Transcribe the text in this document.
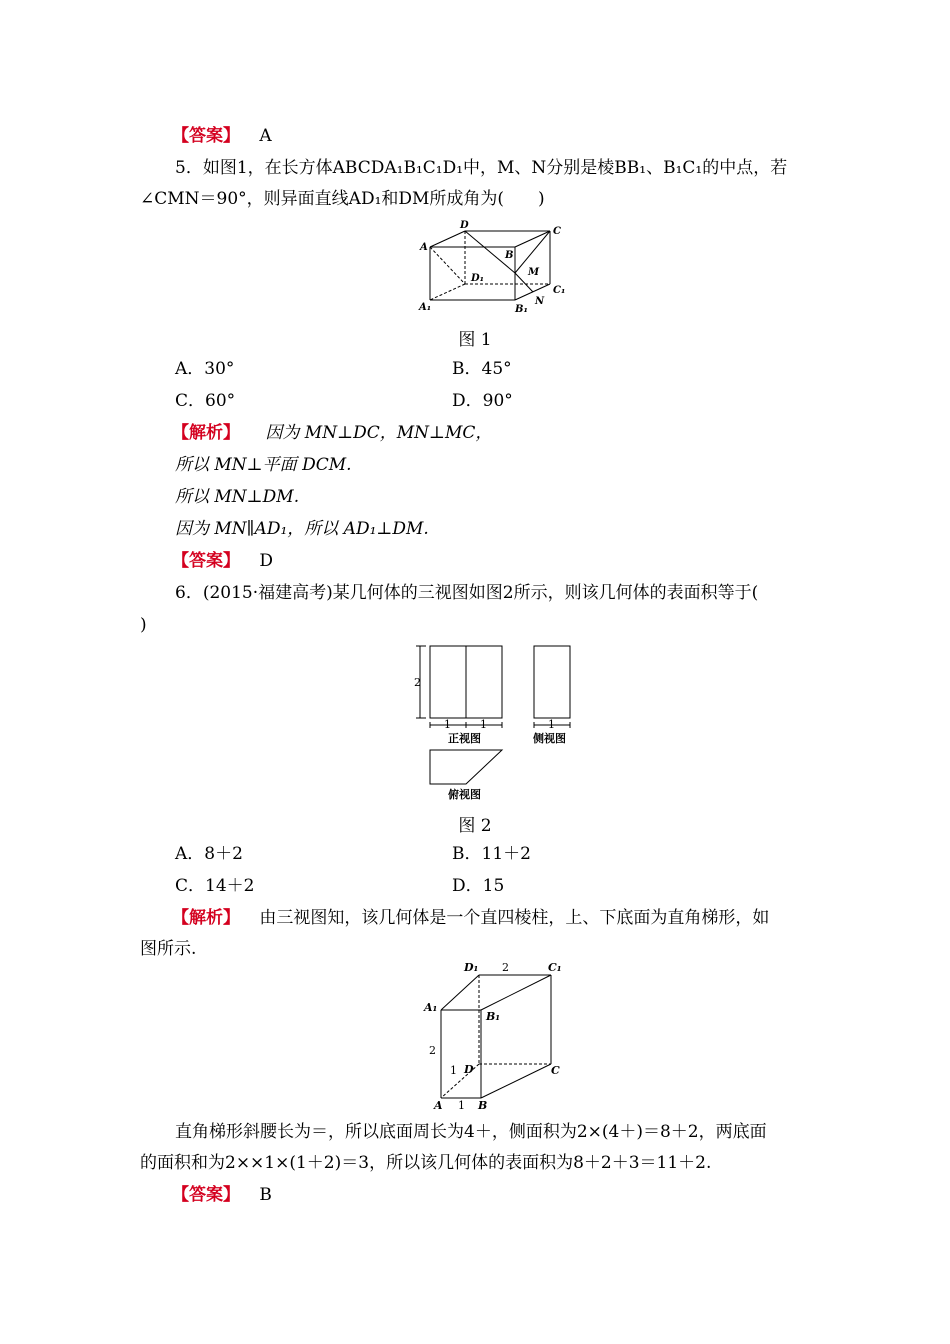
【答案】 A
5．如图1，在长方体ABCDA₁B₁C₁D₁中，M、N分别是棱BB₁、B₁C₁的中点，若
∠CMN＝90°，则异面直线AD₁和DM所成角为(　　)
D
C
A
B
M
D₁
C₁
A₁	B₁
N
图 1
A．30°	B．45°
C．60°	D．90°
【解析】 因为 MN⊥DC，MN⊥MC，
所以 MN⊥平面 DCM.
所以 MN⊥DM.
因为 MN∥AD₁，所以 AD₁⊥DM.
【答案】 D
6．(2015·福建高考)某几何体的三视图如图2所示，则该几何体的表面积等于(
)
2
1	1	1
正视图	侧视图
俯视图
图 2
A．8＋2	B．11＋2
C．14＋2	D．15
【解析】 由三视图知，该几何体是一个直四棱柱，上、下底面为直角梯形，如
图所示.
D₁ 2	C₁
A₁
B₁
2
1 D	C
A 1 B
直角梯形斜腰长为＝，所以底面周长为4＋，侧面积为2×(4＋)＝8＋2，两底面
的面积和为2××1×(1＋2)＝3，所以该几何体的表面积为8＋2＋3＝11＋2.
【答案】 B
